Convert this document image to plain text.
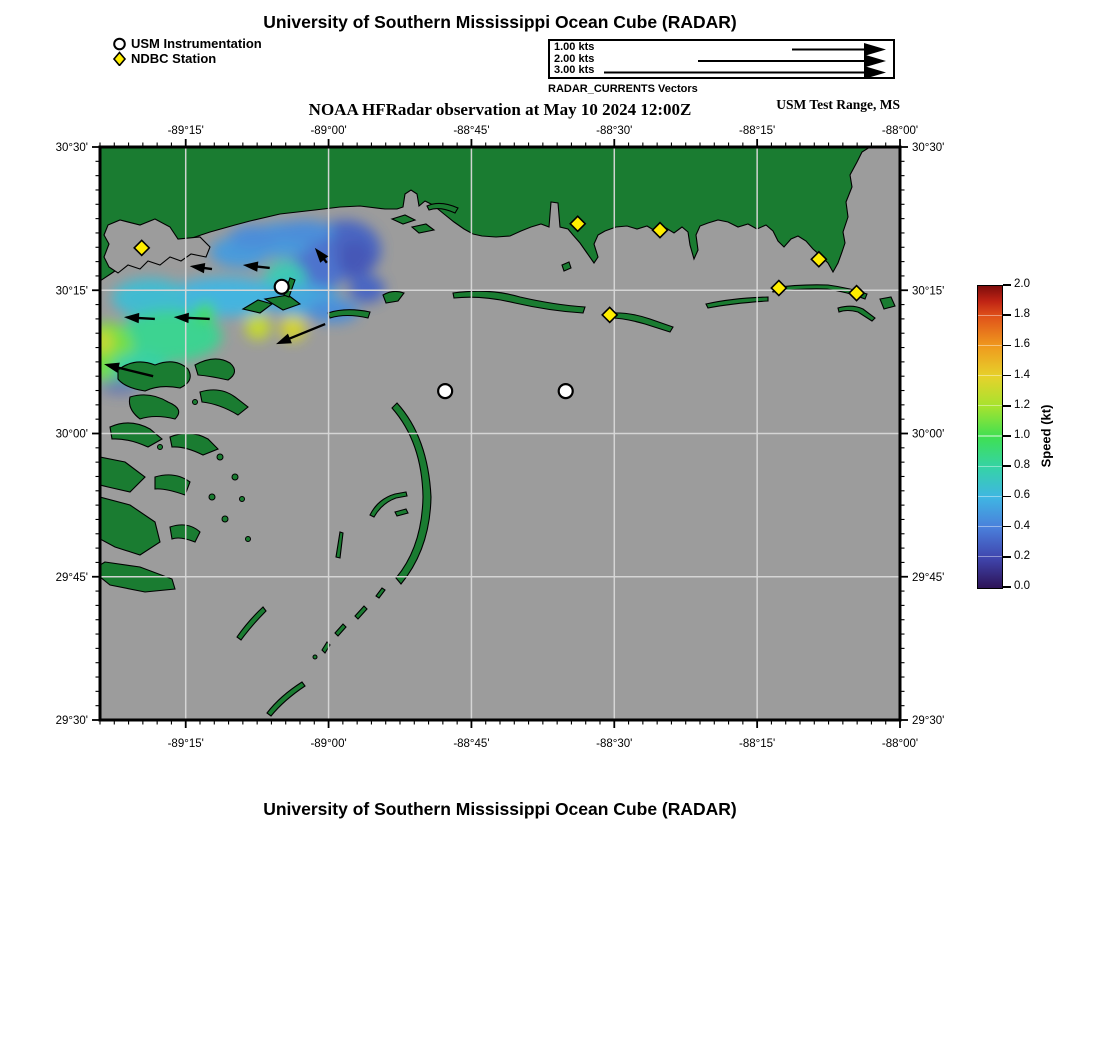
University of Southern Mississippi Ocean Cube (RADAR)
USM Instrumentation
NDBC Station
1.00 kts
2.00 kts
3.00 kts
RADAR_CURRENTS Vectors
NOAA HFRadar observation at May 10 2024 12:00Z	USM Test Range, MS
-89°15'
-89°15'
-89°00'
-89°00'
-88°45'
-88°45'
-88°30'
-88°30'
-88°15'
-88°15'
-88°00'
-88°00'
30°30'	30°30'
30°15'	30°15'
30°00'	30°00'
29°45'	29°45'
29°30'	29°30'
0.0
0.2
0.4
0.6
0.8
1.0
1.2
1.4
1.6
1.8
2.0
Speed (kt)
University of Southern Mississippi Ocean Cube (RADAR)
